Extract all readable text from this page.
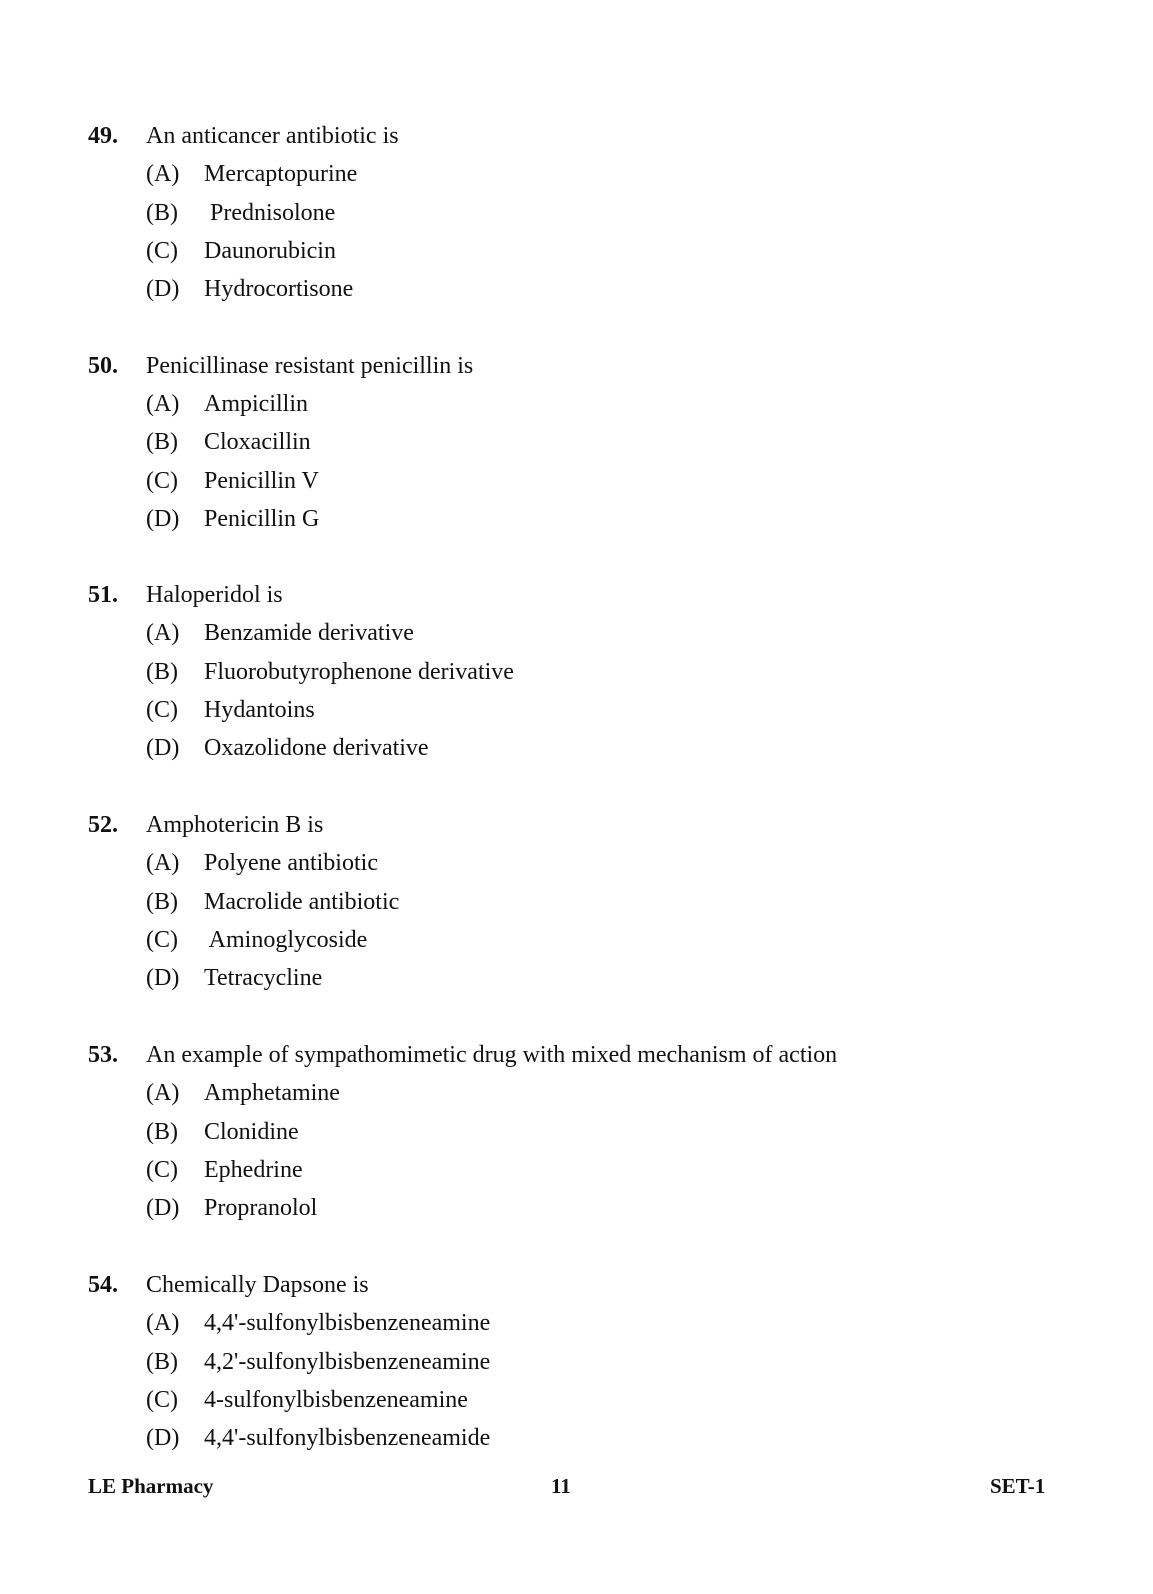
49. An anticancer antibiotic is
(A) Mercaptopurine
(B) Prednisolone
(C) Daunorubicin
(D) Hydrocortisone
50. Penicillinase resistant penicillin is
(A) Ampicillin
(B) Cloxacillin
(C) Penicillin V
(D) Penicillin G
51. Haloperidol is
(A) Benzamide derivative
(B) Fluorobutyrophenone derivative
(C) Hydantoins
(D) Oxazolidone derivative
52. Amphotericin B is
(A) Polyene antibiotic
(B) Macrolide antibiotic
(C) Aminoglycoside
(D) Tetracycline
53. An example of sympathomimetic drug with mixed mechanism of action
(A) Amphetamine
(B) Clonidine
(C) Ephedrine
(D) Propranolol
54. Chemically Dapsone is
(A) 4,4'-sulfonylbisbenzeneamine
(B) 4,2'-sulfonylbisbenzeneamine
(C) 4-sulfonylbisbenzeneamine
(D) 4,4'-sulfonylbisbenzeneamide
LE Pharmacy	11	SET-1
